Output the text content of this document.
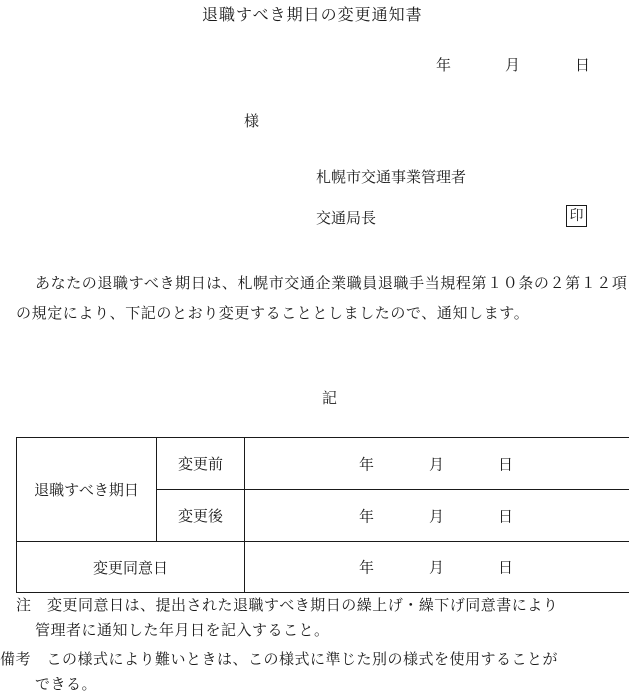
退職すべき期日の変更通知書
年	月	日
様
札幌市交通事業管理者
交通局長	印
あなたの退職すべき期日は、札幌市交通企業職員退職手当規程第１０条の２第１２項の規定により、下記のとおり変更することとしましたので、通知します。
記
退職すべき期日	変更前	年 月 日

	変更後	年 月 日

変更同意日		年 月 日
注　 変更同意日は、提出された退職すべき期日の繰上げ・繰下げ同意書により
管理者に通知した年月日を記入すること。
備考　 この様式により難いときは、この様式に準じた別の様式を使用することが
できる。
